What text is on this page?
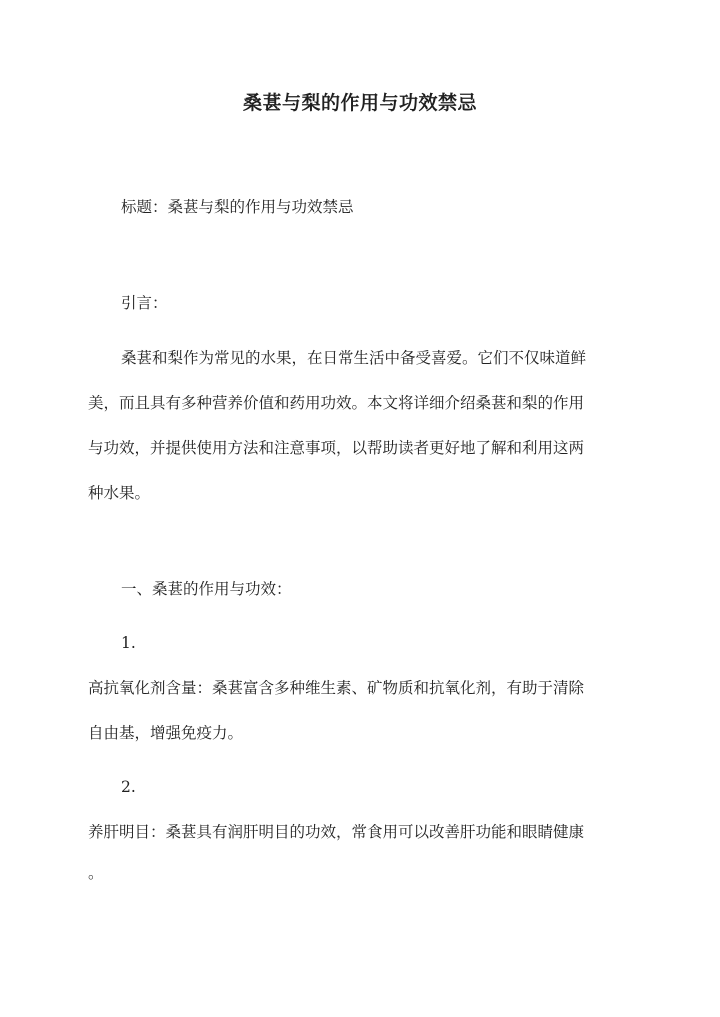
桑葚与梨的作用与功效禁忌
标题：桑葚与梨的作用与功效禁忌
引言：
桑葚和梨作为常见的水果，在日常生活中备受喜爱。它们不仅味道鲜
美，而且具有多种营养价值和药用功效。本文将详细介绍桑葚和梨的作用
与功效，并提供使用方法和注意事项，以帮助读者更好地了解和利用这两
种水果。
一、桑葚的作用与功效：
1.
高抗氧化剂含量：桑葚富含多种维生素、矿物质和抗氧化剂，有助于清除
自由基，增强免疫力。
2.
养肝明目：桑葚具有润肝明目的功效，常食用可以改善肝功能和眼睛健康
。
